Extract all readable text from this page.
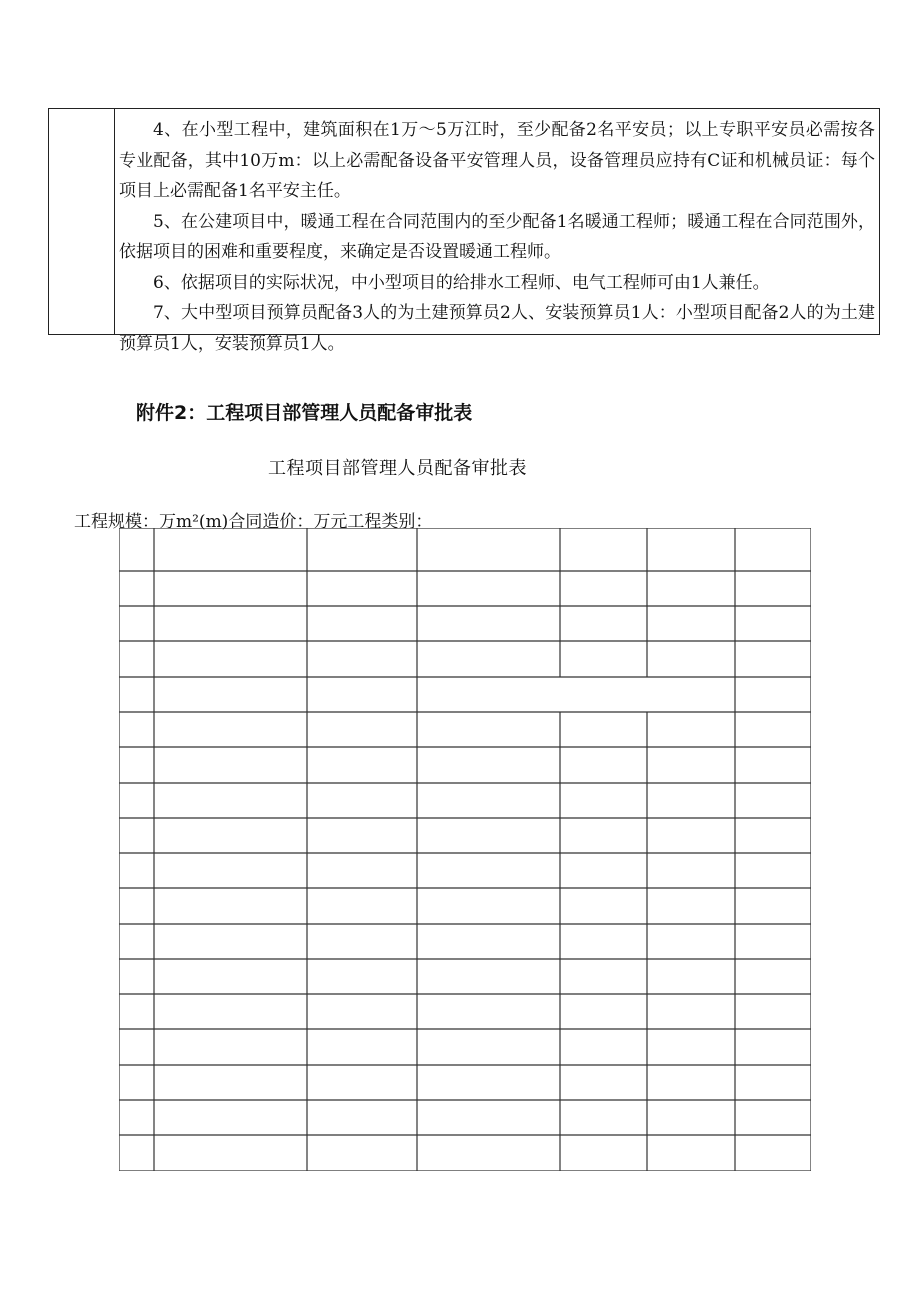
4、在小型工程中，建筑面积在1万～5万江时，至少配备2名平安员；以上专职平安员必需按各专业配备，其中10万m：以上必需配备设备平安管理人员，设备管理员应持有C证和机械员证：每个项目上必需配备1名平安主任。

5、在公建项目中，暖通工程在合同范围内的至少配备1名暖通工程师；暖通工程在合同范围外，依据项目的困难和重要程度，来确定是否设置暖通工程师。

6、依据项目的实际状况，中小型项目的给排水工程师、电气工程师可由1人兼任。

7、大中型项目预算员配备3人的为土建预算员2人、安装预算员1人：小型项目配备2人的为土建预算员1人，安装预算员1人。

附件2：工程项目部管理人员配备审批表
工程项目部管理人员配备审批表
工程规模：万m²(m)合同造价：万元工程类别：
